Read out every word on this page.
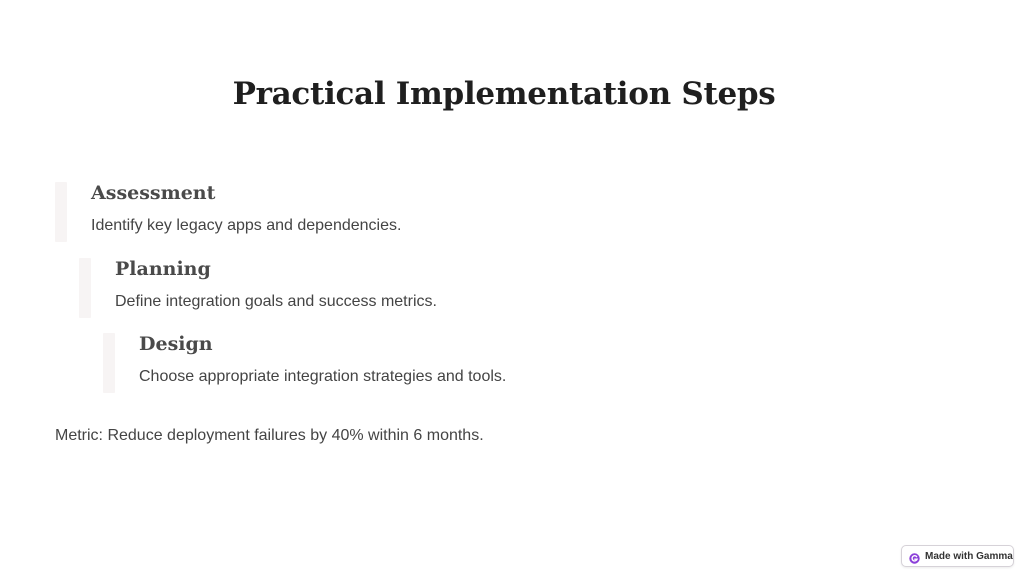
Practical Implementation Steps
Assessment
Identify key legacy apps and dependencies.
Planning
Define integration goals and success metrics.
Design
Choose appropriate integration strategies and tools.
Metric: Reduce deployment failures by 40% within 6 months.
Made with Gamma
